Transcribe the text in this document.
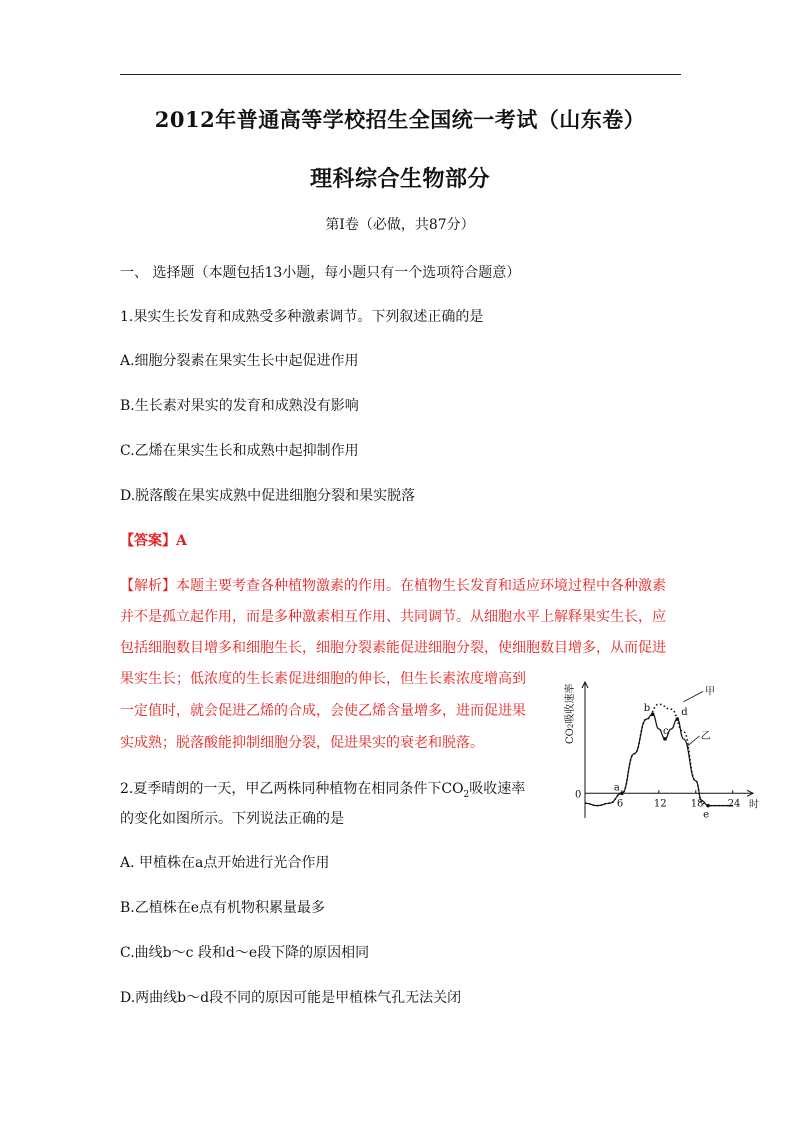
2012年普通高等学校招生全国统一考试（山东卷）
理科综合生物部分
第Ⅰ卷（必做，共87分）
一、 选择题（本题包括13小题，每小题只有一个选项符合题意）
1.果实生长发育和成熟受多种激素调节。下列叙述正确的是
A.细胞分裂素在果实生长中起促进作用
B.生长素对果实的发育和成熟没有影响
C.乙烯在果实生长和成熟中起抑制作用
D.脱落酸在果实成熟中促进细胞分裂和果实脱落
【答案】A
【解析】本题主要考查各种植物激素的作用。在植物生长发育和适应环境过程中各种激素
并不是孤立起作用，而是多种激素相互作用、共同调节。从细胞水平上解释果实生长，应
包括细胞数目增多和细胞生长，细胞分裂素能促进细胞分裂，使细胞数目增多，从而促进
果实生长；低浓度的生长素促进细胞的伸长，但生长素浓度增高到
一定值时，就会促进乙烯的合成，会使乙烯含量增多，进而促进果
实成熟；脱落酸能抑制细胞分裂，促进果实的衰老和脱落。
2.夏季晴朗的一天，甲乙两株同种植物在相同条件下$CO_2$吸收速率
的变化如图所示。下列说法正确的是
A. 甲植株在a点开始进行光合作用
B.乙植株在e点有机物积累量最多
C.曲线b～c 段和d～e段下降的原因相同
D.两曲线b～d段不同的原因可能是甲植株气孔无法关闭
0
6	12 18 24 时
CO2吸收速率	甲
乙
a
b
c
d
e
